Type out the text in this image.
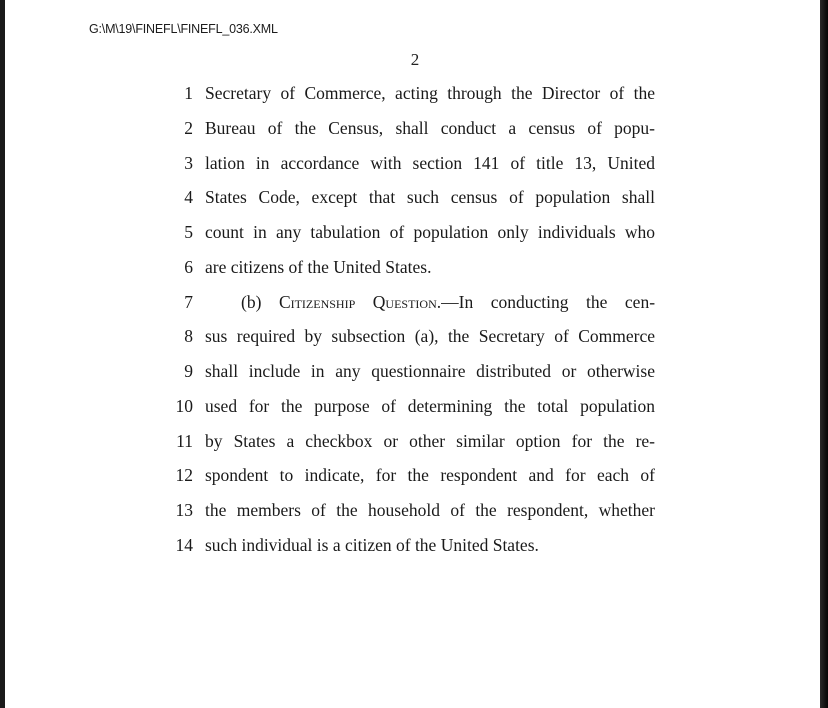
G:\M\19\FINEFL\FINEFL_036.XML
2
1 Secretary of Commerce, acting through the Director of the
2 Bureau of the Census, shall conduct a census of popu-
3 lation in accordance with section 141 of title 13, United
4 States Code, except that such census of population shall
5 count in any tabulation of population only individuals who
6 are citizens of the United States.
7	(b) Citizenship Question.—In conducting the cen-
8 sus required by subsection (a), the Secretary of Commerce
9 shall include in any questionnaire distributed or otherwise
10 used for the purpose of determining the total population
11 by States a checkbox or other similar option for the re-
12 spondent to indicate, for the respondent and for each of
13 the members of the household of the respondent, whether
14 such individual is a citizen of the United States.
